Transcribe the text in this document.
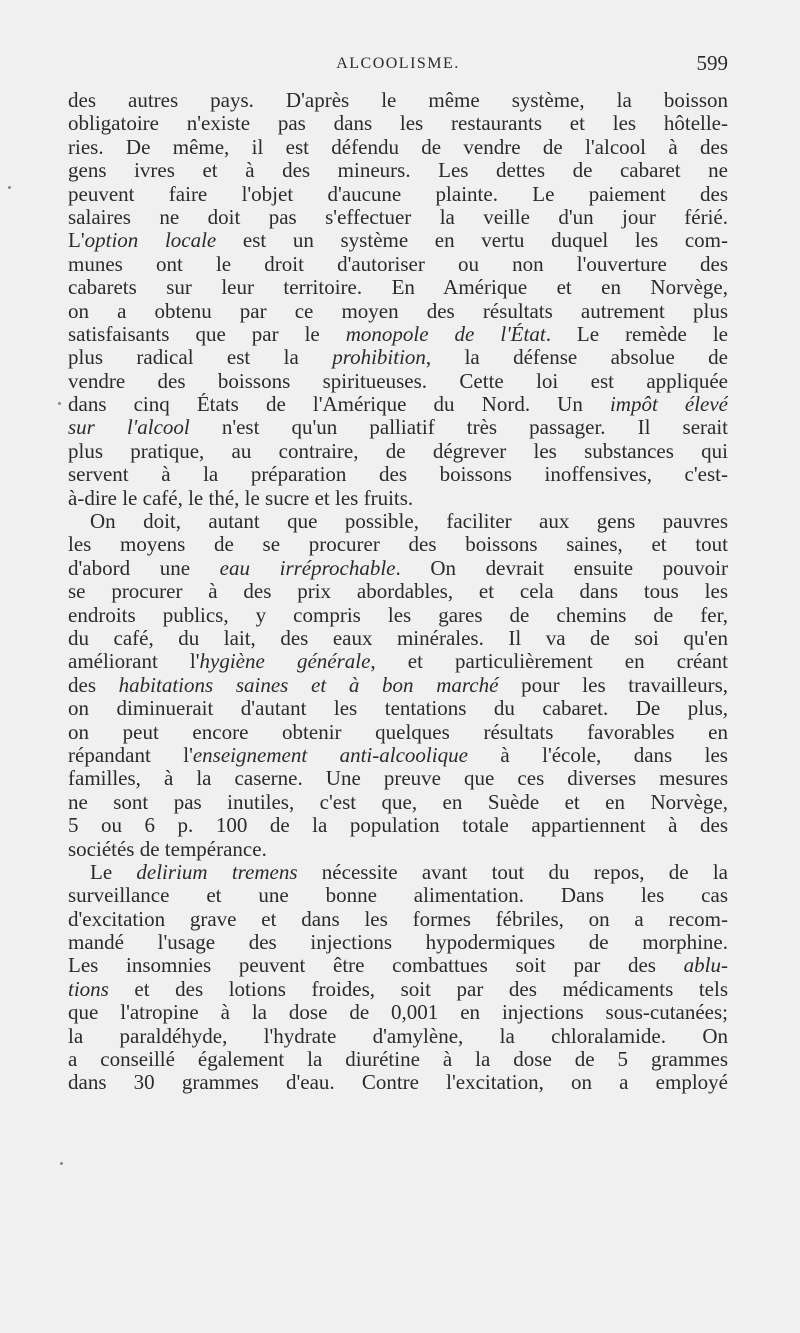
ALCOOLISME.	599
des autres pays. D'après le même système, la boisson
obligatoire n'existe pas dans les restaurants et les hôtelle-
ries. De même, il est défendu de vendre de l'alcool à des
gens ivres et à des mineurs. Les dettes de cabaret ne
peuvent faire l'objet d'aucune plainte. Le paiement des
salaires ne doit pas s'effectuer la veille d'un jour férié.
L'option locale est un système en vertu duquel les com-
munes ont le droit d'autoriser ou non l'ouverture des
cabarets sur leur territoire. En Amérique et en Norvège,
on a obtenu par ce moyen des résultats autrement plus
satisfaisants que par le monopole de l'État. Le remède le
plus radical est la prohibition, la défense absolue de
vendre des boissons spiritueuses. Cette loi est appliquée
dans cinq États de l'Amérique du Nord. Un impôt élevé
sur l'alcool n'est qu'un palliatif très passager. Il serait
plus pratique, au contraire, de dégrever les substances qui
servent à la préparation des boissons inoffensives, c'est-
à-dire le café, le thé, le sucre et les fruits.
On doit, autant que possible, faciliter aux gens pauvres
les moyens de se procurer des boissons saines, et tout
d'abord une eau irréprochable. On devrait ensuite pouvoir
se procurer à des prix abordables, et cela dans tous les
endroits publics, y compris les gares de chemins de fer,
du café, du lait, des eaux minérales. Il va de soi qu'en
améliorant l'hygiène générale, et particulièrement en créant
des habitations saines et à bon marché pour les travailleurs,
on diminuerait d'autant les tentations du cabaret. De plus,
on peut encore obtenir quelques résultats favorables en
répandant l'enseignement anti-alcoolique à l'école, dans les
familles, à la caserne. Une preuve que ces diverses mesures
ne sont pas inutiles, c'est que, en Suède et en Norvège,
5 ou 6 p. 100 de la population totale appartiennent à des
sociétés de tempérance.
Le delirium tremens nécessite avant tout du repos, de la
surveillance et une bonne alimentation. Dans les cas
d'excitation grave et dans les formes fébriles, on a recom-
mandé l'usage des injections hypodermiques de morphine.
Les insomnies peuvent être combattues soit par des ablu-
tions et des lotions froides, soit par des médicaments tels
que l'atropine à la dose de 0,001 en injections sous-cutanées;
la paraldéhyde, l'hydrate d'amylène, la chloralamide. On
a conseillé également la diurétine à la dose de 5 grammes
dans 30 grammes d'eau. Contre l'excitation, on a employé
